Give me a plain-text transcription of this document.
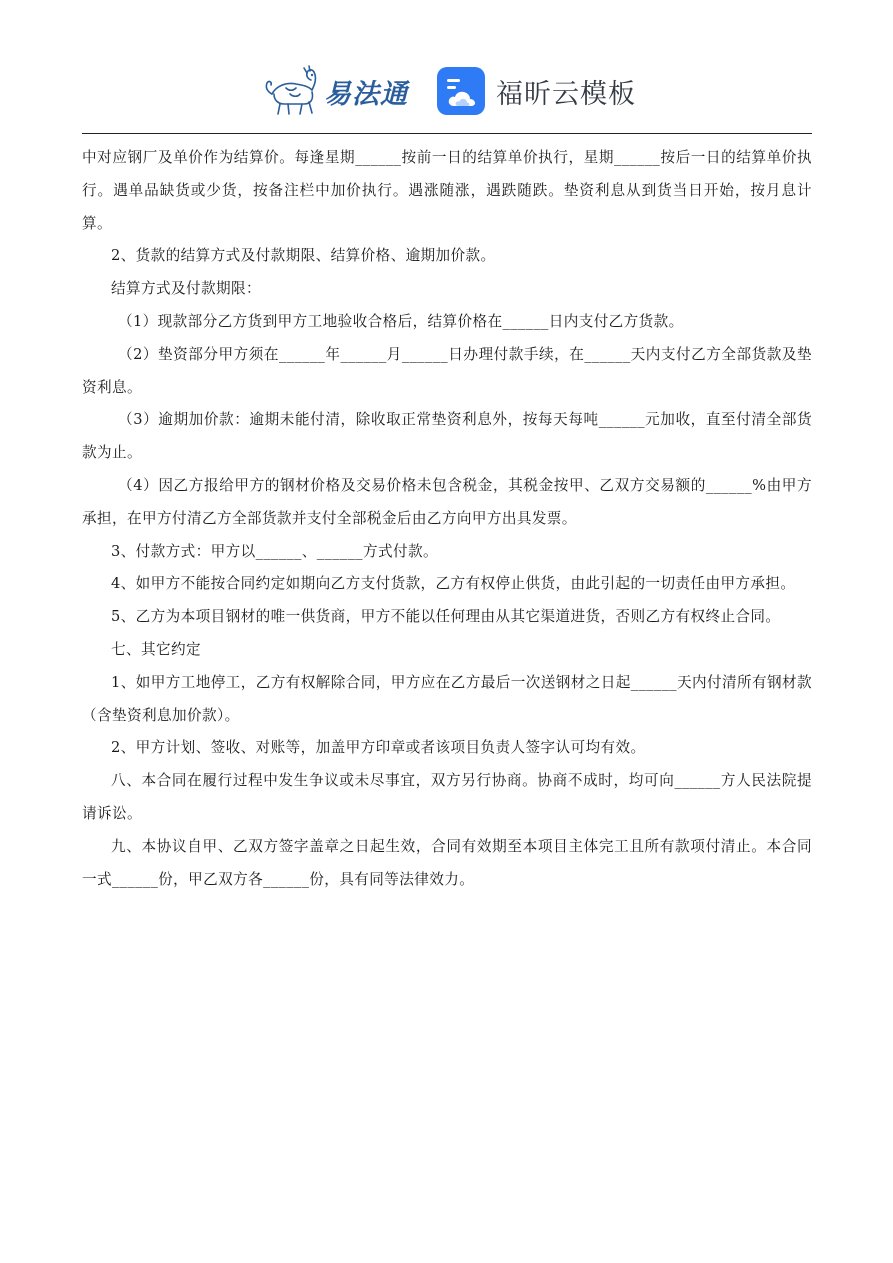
易法通	福昕云模板

中对应钢厂及单价作为结算价。每逢星期______按前一日的结算单价执行，星期______按后一日的结算单价执行。遇单品缺货或少货，按备注栏中加价执行。遇涨随涨，遇跌随跌。垫资利息从到货当日开始，按月息计算。

2、货款的结算方式及付款期限、结算价格、逾期加价款。

结算方式及付款期限：

（1）现款部分乙方货到甲方工地验收合格后，结算价格在______日内支付乙方货款。

（2）垫资部分甲方须在______年______月______日办理付款手续，在______天内支付乙方全部货款及垫资利息。

（3）逾期加价款：逾期未能付清，除收取正常垫资利息外，按每天每吨______元加收，直至付清全部货款为止。

（4）因乙方报给甲方的钢材价格及交易价格未包含税金，其税金按甲、乙双方交易额的______%由甲方承担，在甲方付清乙方全部货款并支付全部税金后由乙方向甲方出具发票。

3、付款方式：甲方以______、______方式付款。

4、如甲方不能按合同约定如期向乙方支付货款，乙方有权停止供货，由此引起的一切责任由甲方承担。

5、乙方为本项目钢材的唯一供货商，甲方不能以任何理由从其它渠道进货，否则乙方有权终止合同。

七、其它约定

1、如甲方工地停工，乙方有权解除合同，甲方应在乙方最后一次送钢材之日起______天内付清所有钢材款（含垫资利息加价款）。

2、甲方计划、签收、对账等，加盖甲方印章或者该项目负责人签字认可均有效。

八、本合同在履行过程中发生争议或未尽事宜，双方另行协商。协商不成时，均可向______方人民法院提请诉讼。

九、本协议自甲、乙双方签字盖章之日起生效，合同有效期至本项目主体完工且所有款项付清止。本合同一式______份，甲乙双方各______份，具有同等法律效力。
